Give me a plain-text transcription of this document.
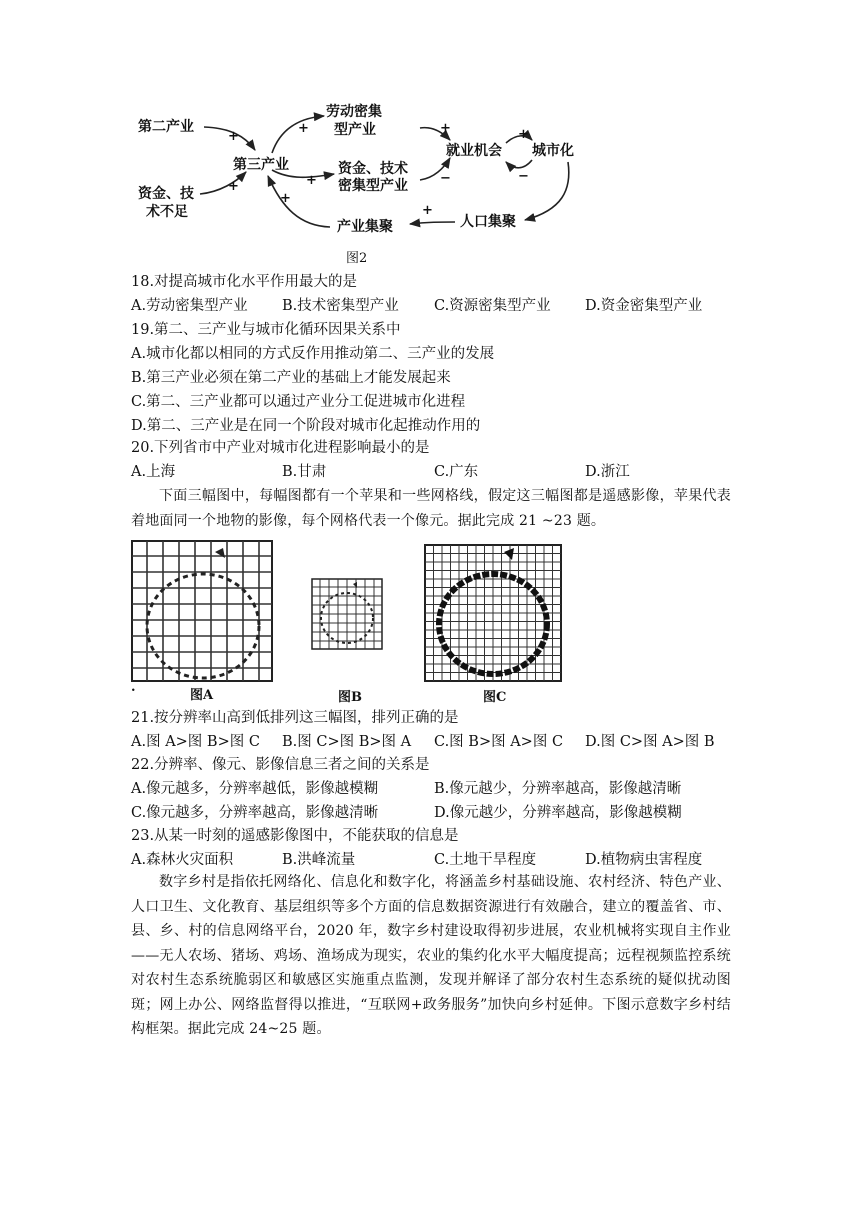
第二产业
资金、技
术不足
第三产业
劳动密集
型产业
资金、技术
密集型产业
就业机会 城市化
产业集聚	人口集聚
+
+
+
+
+
−
+
−
+
+
图2
18.对提高城市化水平作用最大的是
A.劳动密集型产业 B.技术密集型产业 C.资源密集型产业 D.资金密集型产业
19.第二、三产业与城市化循环因果关系中
A.城市化都以相同的方式反作用推动第二、三产业的发展
B.第三产业必须在第二产业的基础上才能发展起来
C.第二、三产业都可以通过产业分工促进城市化进程
D.第二、三产业是在同一个阶段对城市化起推动作用的
20.下列省市中产业对城市化进程影响最小的是
A.上海	B.甘肃	C.广东	D.浙江
下面三幅图中，每幅图都有一个苹果和一些网格线，假定这三幅图都是遥感影像，苹果代表着地面同一个地物的影像，每个网格代表一个像元。据此完成 21 ~23 题。
.
图A	图B	图C
21.按分辨率山高到低排列这三幅图，排列正确的是
A.图 A>图 B>图 C B.图 C>图 B>图 A C.图 B>图 A>图 C D.图 C>图 A>图 B
22.分辨率、像元、影像信息三者之间的关系是
A.像元越多，分辨率越低，影像越模糊	B.像元越少，分辨率越高，影像越清晰
C.像元越多，分辨率越高，影像越清晰	D.像元越少，分辨率越高，影像越模糊
23.从某一时刻的遥感影像图中，不能获取的信息是
A.森林火灾面积	B.洪峰流量	C.土地干旱程度	D.植物病虫害程度
数字乡村是指依托网络化、信息化和数字化，将涵盖乡村基础设施、农村经济、特色产业、人口卫生、文化教育、基层组织等多个方面的信息数据资源进行有效融合，建立的覆盖省、市、县、乡、村的信息网络平台，2020 年，数字乡村建设取得初步进展，农业机械将实现自主作业——无人农场、猪场、鸡场、渔场成为现实，农业的集约化水平大幅度提高；远程视频监控系统对农村生态系统脆弱区和敏感区实施重点监测，发现并解译了部分农村生态系统的疑似扰动图斑；网上办公、网络监督得以推进，“互联网+政务服务”加快向乡村延伸。下图示意数字乡村结构框架。据此完成 24~25 题。
